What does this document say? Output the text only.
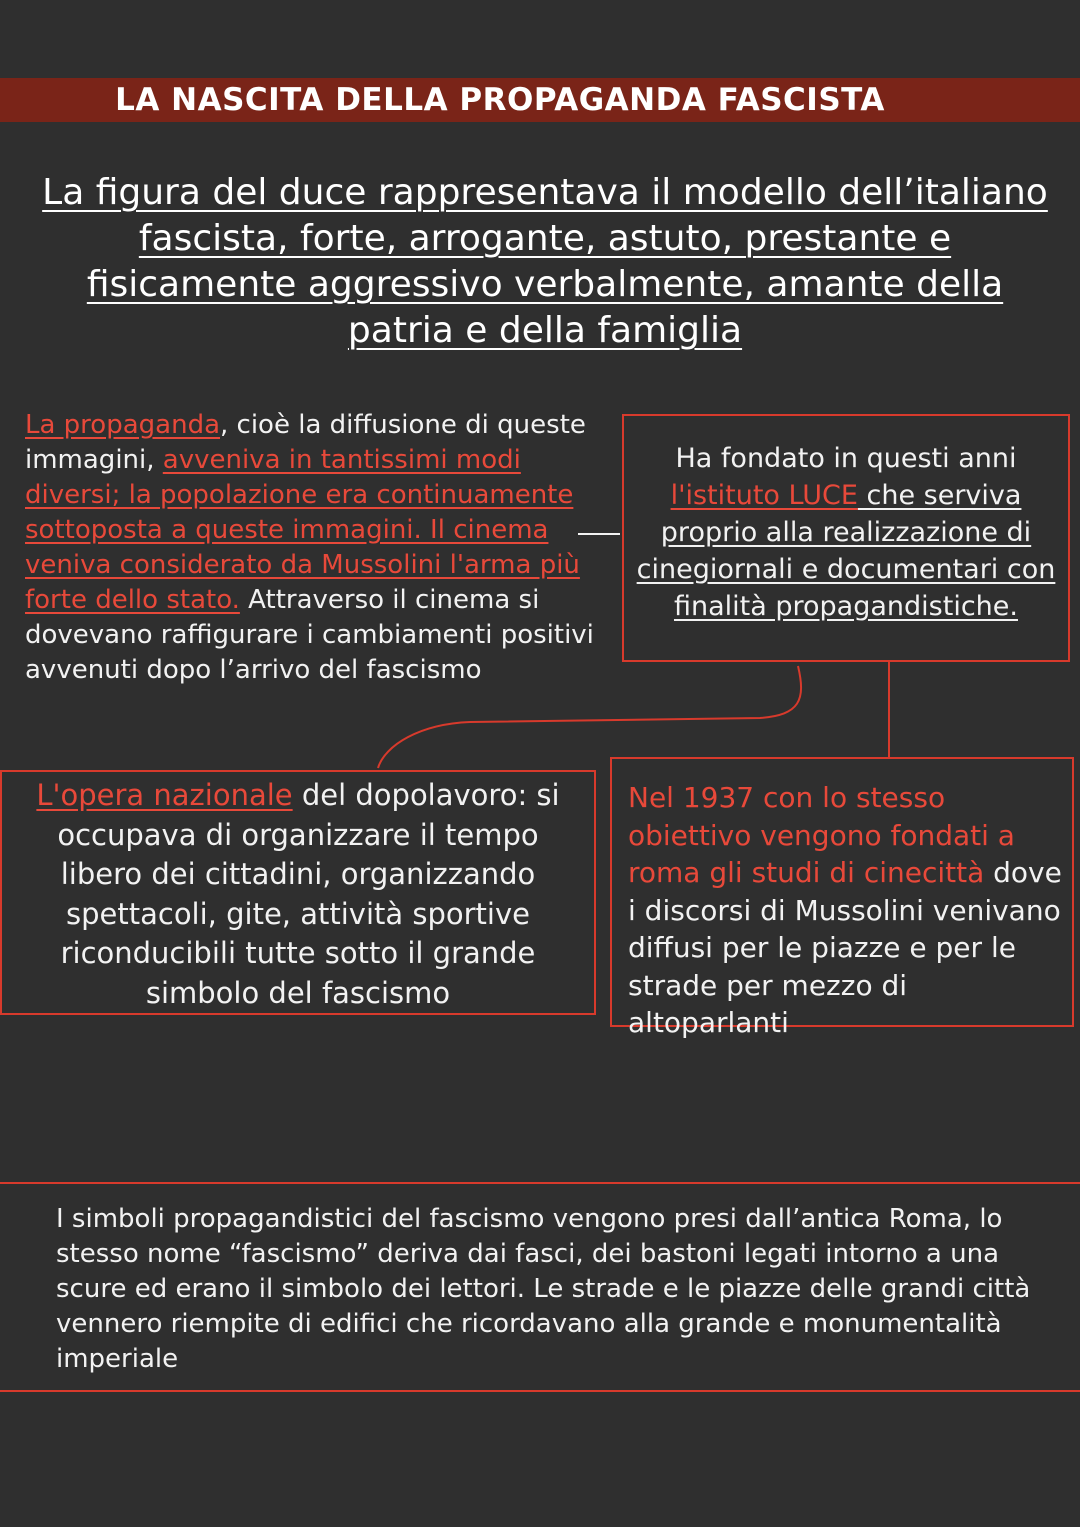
LA NASCITA DELLA PROPAGANDA FASCISTA
La figura del duce rappresentava il modello dell’italiano fascista, forte, arrogante, astuto, prestante e fisicamente aggressivo verbalmente, amante della patria e della famiglia
La propaganda, cioè la diffusione di queste immagini, avveniva in tantissimi modi diversi; la popolazione era continuamente sottoposta a queste immagini. Il cinema veniva considerato da Mussolini l'arma più forte dello stato. Attraverso il cinema si dovevano raffigurare i cambiamenti positivi avvenuti dopo l’arrivo del fascismo
Ha fondato in questi anni l'istituto LUCE che serviva proprio alla realizzazione di cinegiornali e documentari con finalità propagandistiche.
L'opera nazionale del dopolavoro: si occupava di organizzare il tempo libero dei cittadini, organizzando spettacoli, gite, attività sportive riconducibili tutte sotto il grande simbolo del fascismo
Nel 1937 con lo stesso obiettivo vengono fondati a roma gli studi di cinecittà dove i discorsi di Mussolini venivano diffusi per le piazze e per le strade per mezzo di altoparlanti
I simboli propagandistici del fascismo vengono presi dall’antica Roma, lo stesso nome “fascismo” deriva dai fasci, dei bastoni legati intorno a una scure ed erano il simbolo dei lettori. Le strade e le piazze delle grandi città vennero riempite di edifici che ricordavano alla grande e monumentalità imperiale
